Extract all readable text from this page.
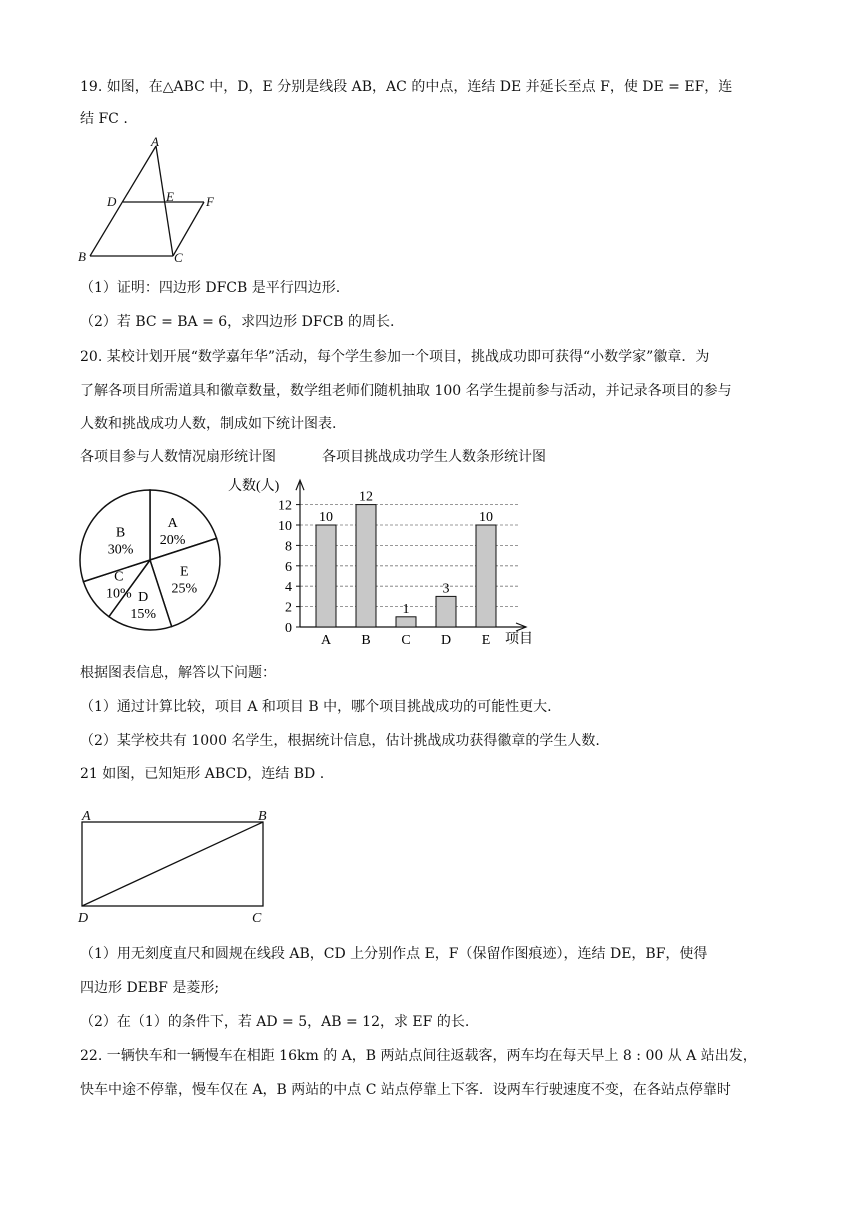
19. 如图，在△ABC 中，D，E 分别是线段 AB，AC 的中点，连结 DE 并延长至点 F，使 DE = EF，连
结 FC .
A
B	C
D	E F
（1）证明：四边形 DFCB 是平行四边形.
（2）若 BC = BA = 6，求四边形 DFCB 的周长.
20. 某校计划开展“数学嘉年华”活动，每个学生参加一个项目，挑战成功即可获得“小数学家”徽章．为
了解各项目所需道具和徽章数量，数学组老师们随机抽取 100 名学生提前参与活动，并记录各项目的参与
人数和挑战成功人数，制成如下统计图表.
各项目参与人数情况扇形统计图	各项目挑战成功学生人数条形统计图
A
20%
E
25%
D
15%
C
10%
B
30%
人数(人)
项目
0
2
4
6
8
10
12
10
A
12
B
1
C
3
D
10
E
根据图表信息，解答以下问题：
（1）通过计算比较，项目 A 和项目 B 中，哪个项目挑战成功的可能性更大.
（2）某学校共有 1000 名学生，根据统计信息，估计挑战成功获得徽章的学生人数.
21 如图，已知矩形 ABCD，连结 BD .
A	B
C
D
（1）用无刻度直尺和圆规在线段 AB，CD 上分别作点 E，F（保留作图痕迹），连结 DE，BF，使得
四边形 DEBF 是菱形;
（2）在（1）的条件下，若 AD = 5，AB = 12，求 EF 的长.
22. 一辆快车和一辆慢车在相距 16km 的 A，B 两站点间往返载客，两车均在每天早上 8 : 00 从 A 站出发，
快车中途不停靠，慢车仅在 A，B 两站的中点 C 站点停靠上下客．设两车行驶速度不变，在各站点停靠时
